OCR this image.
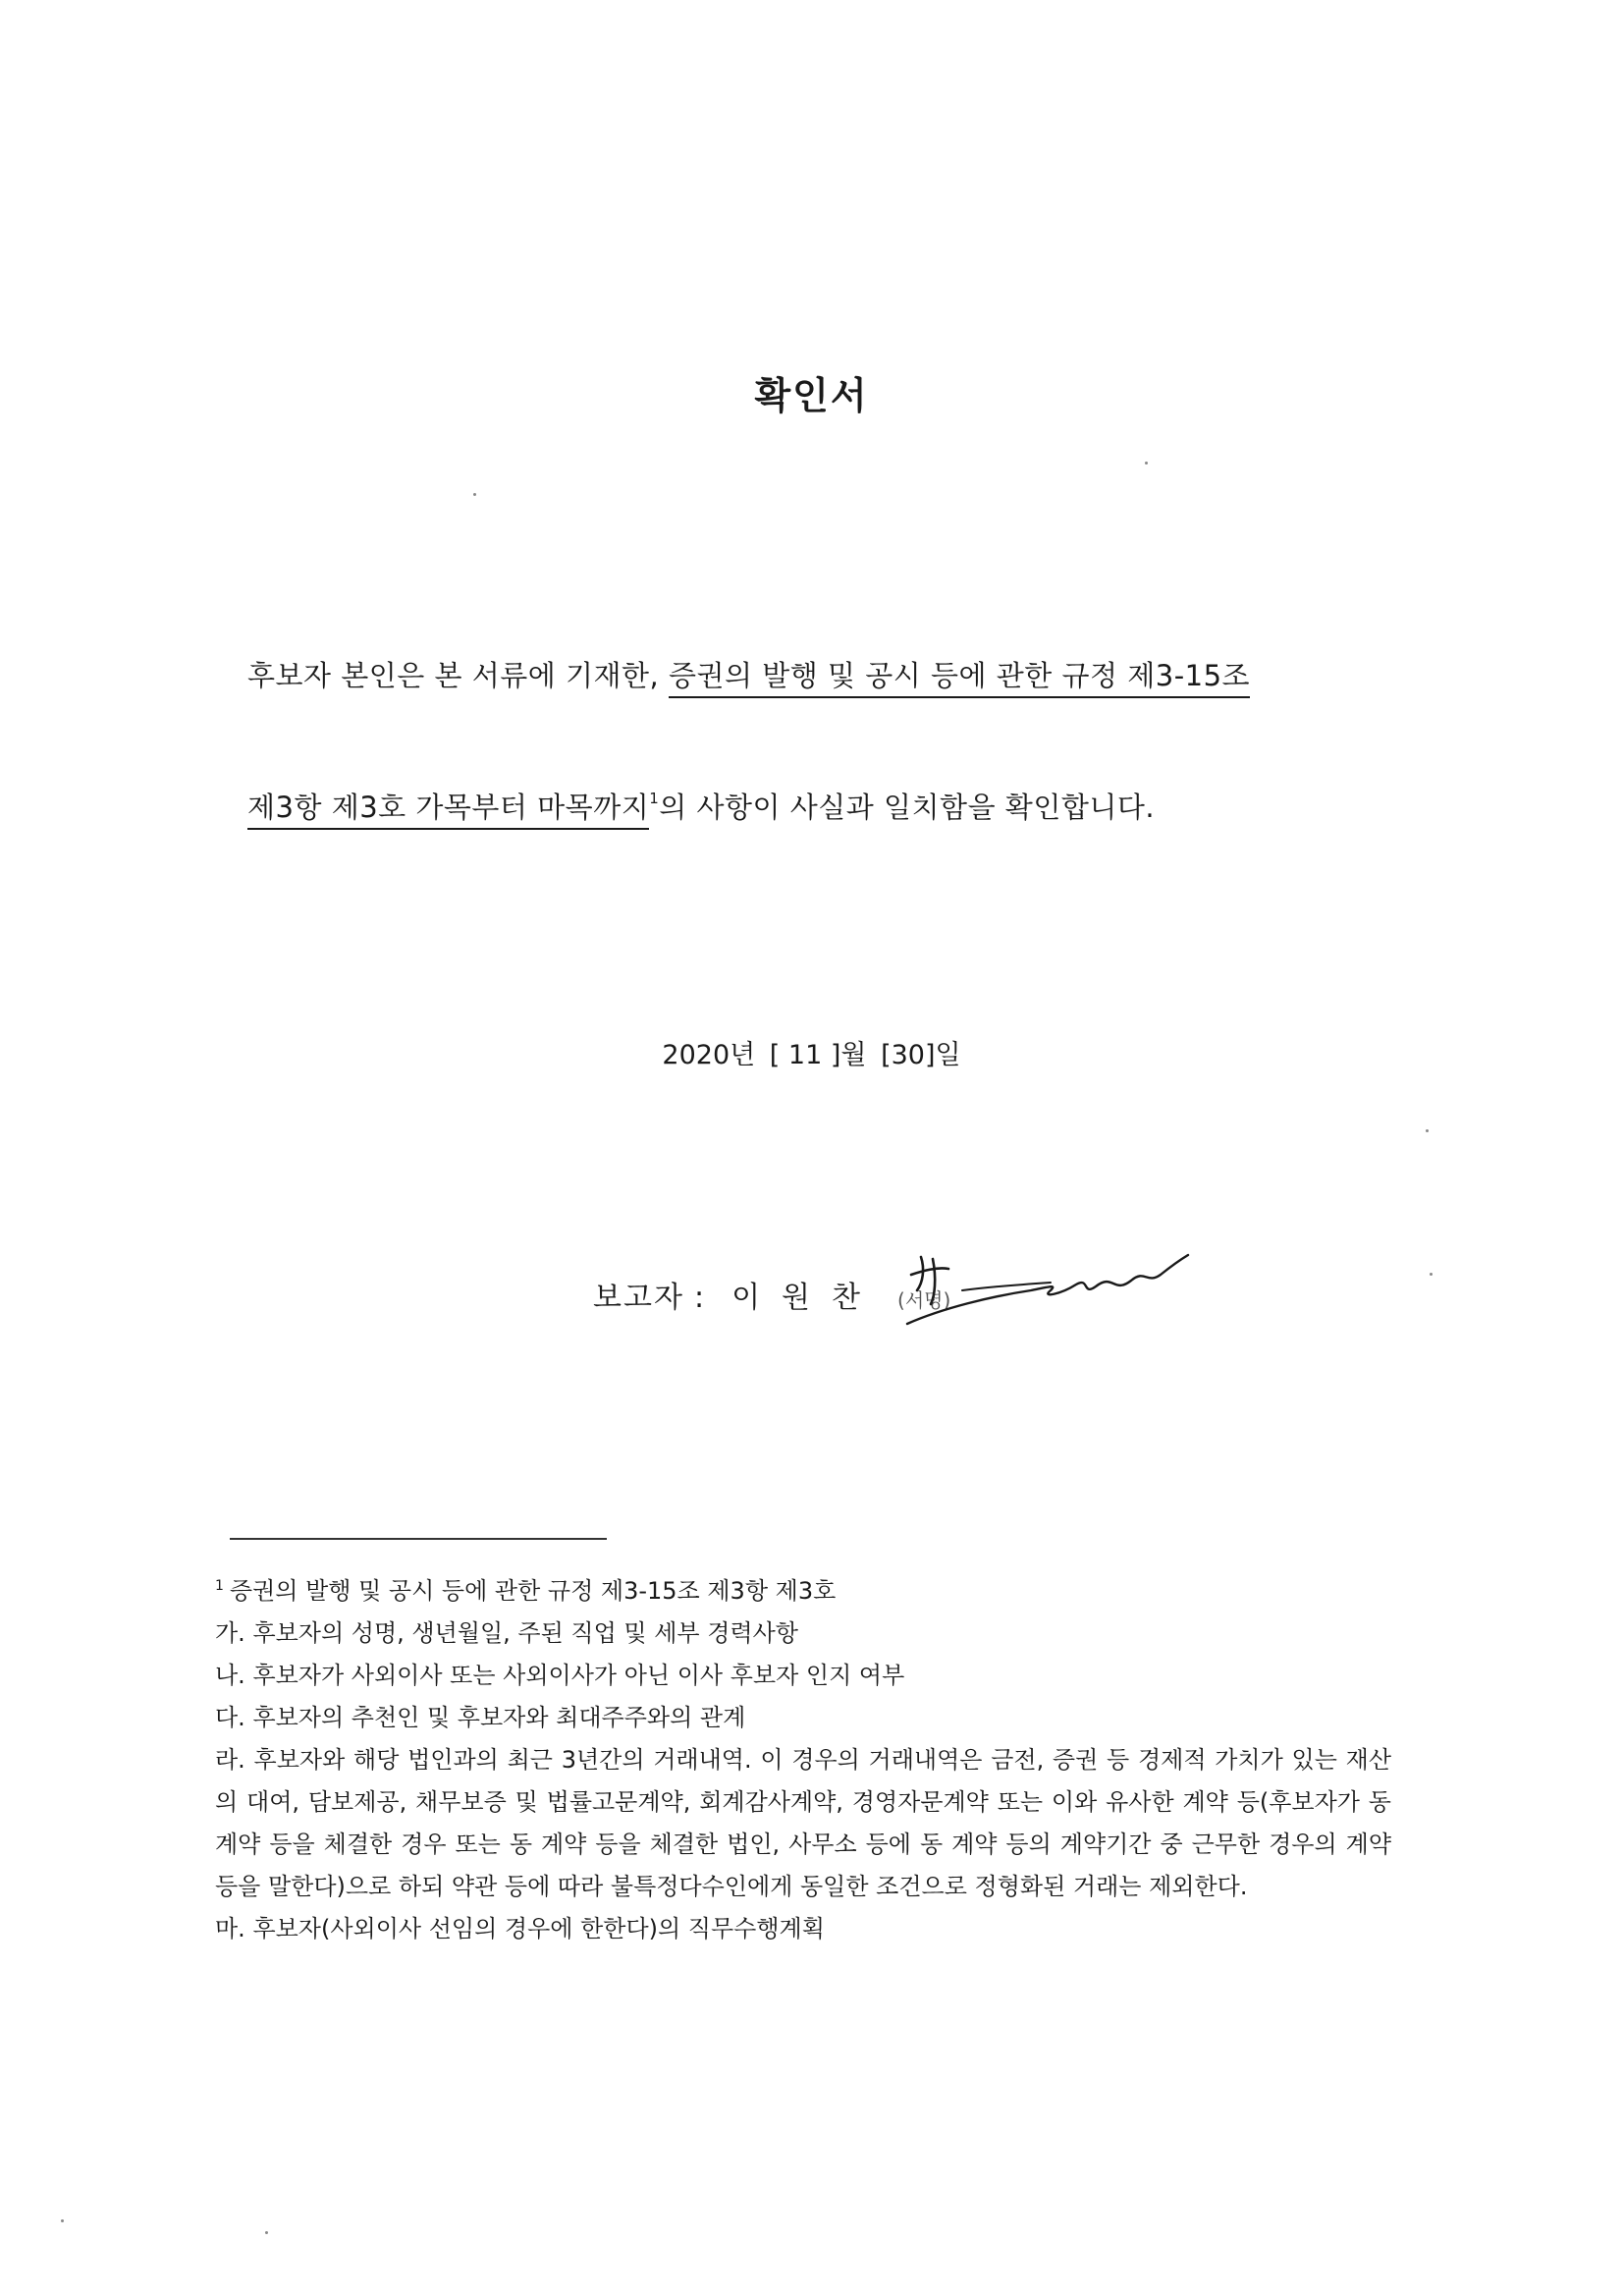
확인서
후보자 본인은 본 서류에 기재한, 증권의 발행 및 공시 등에 관한 규정 제3-15조
제3항 제3호 가목부터 마목까지$^1$의 사항이 사실과 일치함을 확인합니다.
2020년 [ 11 ]월 [30]일
보고자 : 이원찬 (서명)
$^1$ 증권의 발행 및 공시 등에 관한 규정 제3-15조 제3항 제3호
가. 후보자의 성명, 생년월일, 주된 직업 및 세부 경력사항
나. 후보자가 사외이사 또는 사외이사가 아닌 이사 후보자 인지 여부
다. 후보자의 추천인 및 후보자와 최대주주와의 관계
라. 후보자와 해당 법인과의 최근 3년간의 거래내역. 이 경우의 거래내역은 금전, 증권 등 경제적 가치가 있는 재산의 대여, 담보제공, 채무보증 및 법률고문계약, 회계감사계약, 경영자문계약 또는 이와 유사한 계약 등(후보자가 동 계약 등을 체결한 경우 또는 동 계약 등을 체결한 법인, 사무소 등에 동 계약 등의 계약기간 중 근무한 경우의 계약 등을 말한다)으로 하되 약관 등에 따라 불특정다수인에게 동일한 조건으로 정형화된 거래는 제외한다.
마. 후보자(사외이사 선임의 경우에 한한다)의 직무수행계획
